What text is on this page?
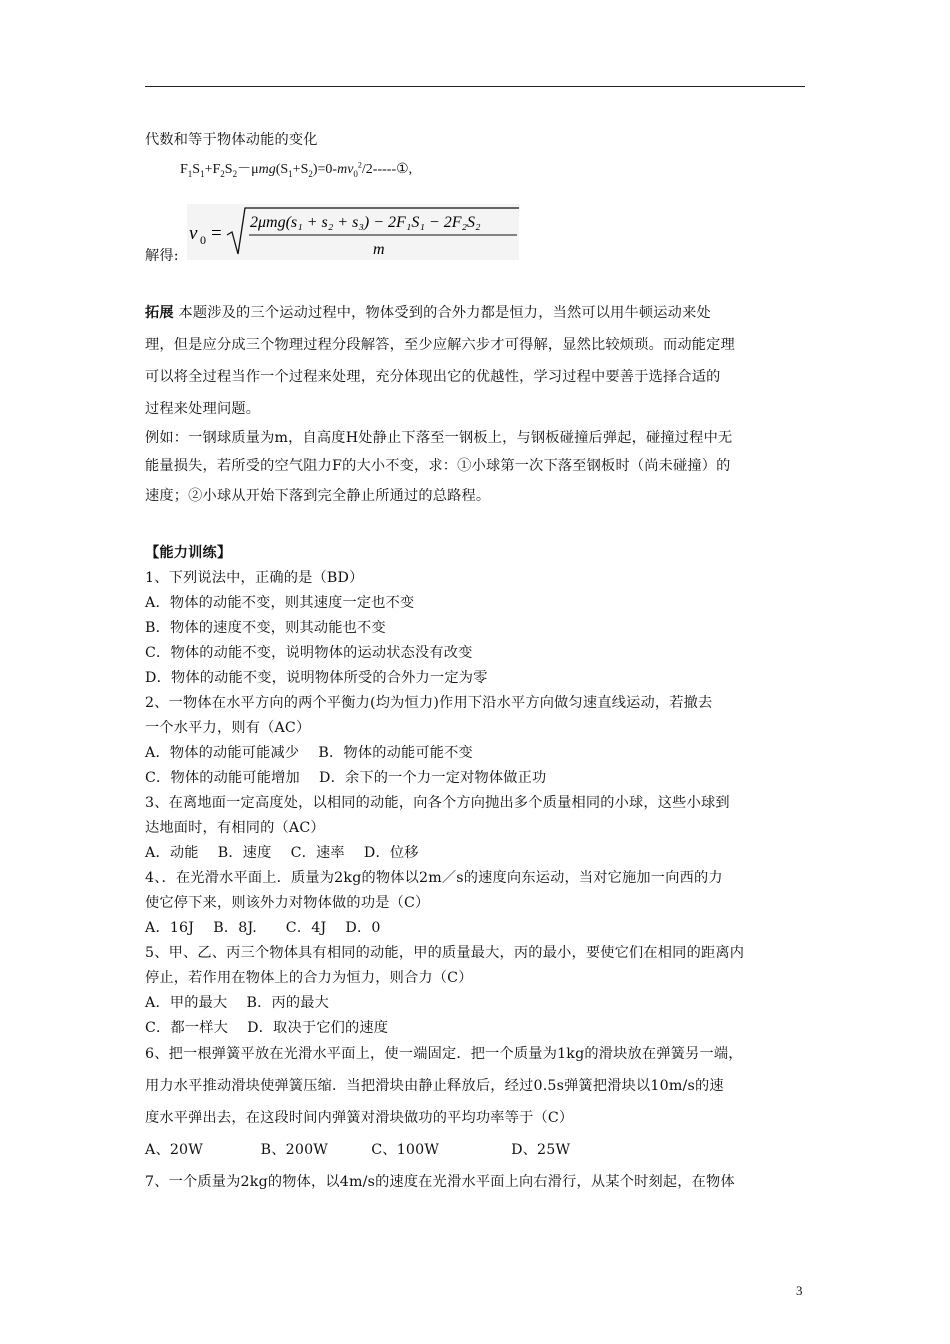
代数和等于物体动能的变化
$F_1S_1+F_2S_2-\mu mg(S_1+S_2)=0-mv_0^2/2-----①$,
解得:
v 0 =
2μmg(s₁ + s₂ + s₃) − 2F₁S₁ − 2F₂S₂
m
拓展 本题涉及的三个运动过程中，物体受到的合外力都是恒力，当然可以用牛顿运动来处
理，但是应分成三个物理过程分段解答，至少应解六步才可得解，显然比较烦琐。而动能定理
可以将全过程当作一个过程来处理，充分体现出它的优越性，学习过程中要善于选择合适的
过程来处理问题。
例如：一钢球质量为m，自高度H处静止下落至一钢板上，与钢板碰撞后弹起，碰撞过程中无
能量损失，若所受的空气阻力F的大小不变，求：①小球第一次下落至钢板时（尚未碰撞）的
速度；②小球从开始下落到完全静止所通过的总路程。
【能力训练】
1、下列说法中，正确的是（BD）
A．物体的动能不变，则其速度一定也不变
B．物体的速度不变，则其动能也不变
C．物体的动能不变，说明物体的运动状态没有改变
D．物体的动能不变，说明物体所受的合外力一定为零
2、一物体在水平方向的两个平衡力(均为恒力)作用下沿水平方向做匀速直线运动，若撤去
一个水平力，则有（AC）
A．物体的动能可能减少　 B．物体的动能可能不变
C．物体的动能可能增加　 D．余下的一个力一定对物体做正功
3、在离地面一定高度处，以相同的动能，向各个方向抛出多个质量相同的小球，这些小球到
达地面时，有相同的（AC）
A．动能　 B．速度　 C．速率　 D．位移
4、．在光滑水平面上．质量为2kg的物体以2m／s的速度向东运动，当对它施加一向西的力
使它停下来，则该外力对物体做的功是（C）
A．16J　 B．8J.　　C．4J　 D．0
5、甲、乙、丙三个物体具有相同的动能，甲的质量最大，丙的最小，要使它们在相同的距离内
停止，若作用在物体上的合力为恒力，则合力（C）
A．甲的最大　 B．丙的最大
C．都一样大　 D．取决于它们的速度
6、把一根弹簧平放在光滑水平面上，使一端固定．把一个质量为1kg的滑块放在弹簧另一端，
用力水平推动滑块使弹簧压缩．当把滑块由静止释放后，经过0.5s弹簧把滑块以10m/s的速
度水平弹出去，在这段时间内弹簧对滑块做功的平均功率等于（C）
A、20W　　　　B、200W　　　C、100W　　　　　D、25W
7、一个质量为2kg的物体，以4m/s的速度在光滑水平面上向右滑行，从某个时刻起，在物体
3
